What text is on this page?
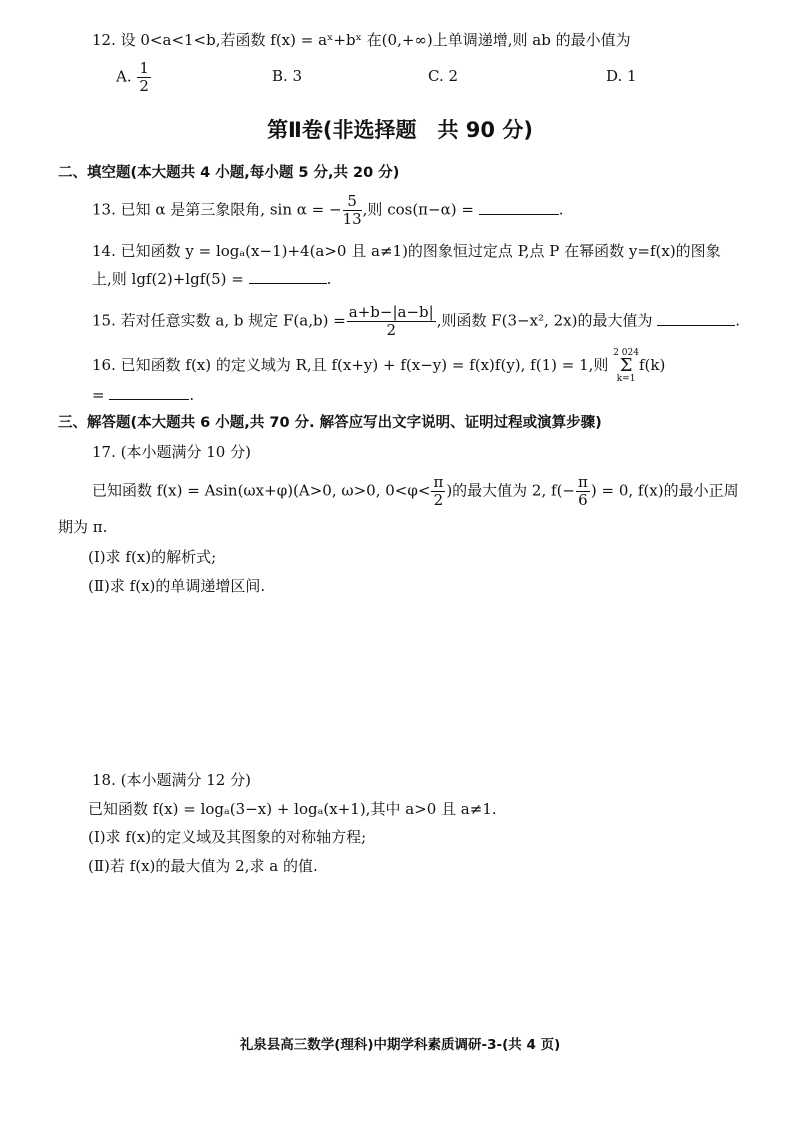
12. 设 0<a<1<b,若函数 f(x) = aˣ+bˣ 在(0,+∞)上单调递增,则 ab 的最小值为
A. $\frac{1}{2}$	B. 3	C. 2	D. 1
第Ⅱ卷(非选择题　共 90 分)
二、填空题(本大题共 4 小题,每小题 5 分,共 20 分)
13. 已知 α 是第三象限角, sin α = − $\frac{5}{13}$ ,则 cos(π−α) =	.
14. 已知函数 y = logₐ(x−1)+4(a>0 且 a≠1)的图象恒过定点 P,点 P 在幂函数 y=f(x)的图象
上,则 lgf(2)+lgf(5) =	.
15. 若对任意实数 a, b 规定 $F(a,b) = \frac{a+b-|a-b|}{2}$ ,则函数 F(3−x², 2x)的最大值为	.
16. 已知函数 f(x) 的定义域为 R,且 f(x+y) + f(x−y) = f(x)f(y), f(1) = 1,则 2 024
Σ
k=1f(k)
=	.
三、解答题(本大题共 6 小题,共 70 分. 解答应写出文字说明、证明过程或演算步骤)
17. (本小题满分 10 分)
已知函数 f(x) = Asin(ωx+φ)(A>0, ω>0, $0<\varphi< \frac{\pi}{2}$ )的最大值为 2, $f(- \frac{\pi}{6}$ ) = 0, f(x)的最小正周
期为 π.
(Ⅰ)求 f(x)的解析式;
(Ⅱ)求 f(x)的单调递增区间.
18. (本小题满分 12 分)
已知函数 f(x) = logₐ(3−x) + logₐ(x+1),其中 a>0 且 a≠1.
(Ⅰ)求 f(x)的定义域及其图象的对称轴方程;
(Ⅱ)若 f(x)的最大值为 2,求 a 的值.
礼泉县高三数学(理科)中期学科素质调研-3-(共 4 页)
